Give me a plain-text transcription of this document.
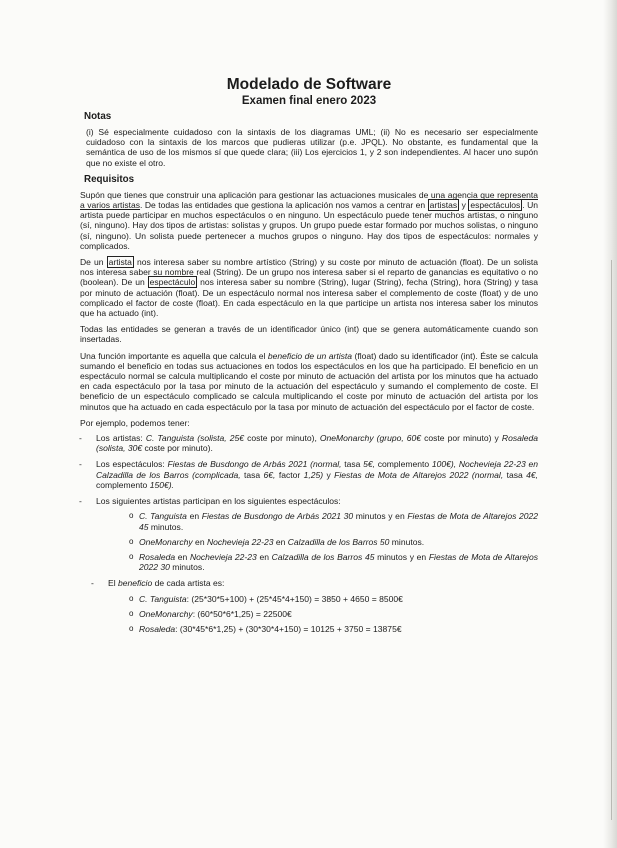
Modelado de Software
Examen final enero 2023
Notas

(i) Sé especialmente cuidadoso con la sintaxis de los diagramas UML; (ii) No es necesario ser especialmente cuidadoso con la sintaxis de los marcos que pudieras utilizar (p.e. JPQL). No obstante, es fundamental que la semántica de uso de los mismos sí que quede clara; (iii) Los ejercicios 1, y 2 son independientes. Al hacer uno supón que no existe el otro.

Requisitos

Supón que tienes que construir una aplicación para gestionar las actuaciones musicales de una agencia que representa a varios artistas. De todas las entidades que gestiona la aplicación nos vamos a centrar en artistas y espectáculos . Un artista puede participar en muchos espectáculos o en ninguno. Un espectáculo puede tener muchos artistas, o ninguno (sí, ninguno). Hay dos tipos de artistas: solistas y grupos. Un grupo puede estar formado por muchos solistas, o ninguno (sí, ninguno). Un solista puede pertenecer a muchos grupos o ninguno. Hay dos tipos de espectáculos: normales y complicados.

De un artista nos interesa saber su nombre artístico (String) y su coste por minuto de actuación (float). De un solista nos interesa saber su nombre real (String). De un grupo nos interesa saber si el reparto de ganancias es equitativo o no (boolean). De un espectáculo nos interesa saber su nombre (String), lugar (String), fecha (String), hora (String) y tasa por minuto de actuación (float). De un espectáculo normal nos interesa saber el complemento de coste (float) y de uno complicado el factor de coste (float). En cada espectáculo en la que participe un artista nos interesa saber los minutos que ha actuado (int).

Todas las entidades se generan a través de un identificador único (int) que se genera automáticamente cuando son insertadas.

Una función importante es aquella que calcula el beneficio de un artista (float) dado su identificador (int). Éste se calcula sumando el beneficio en todas sus actuaciones en todos los espectáculos en los que ha participado. El beneficio en un espectáculo normal se calcula multiplicando el coste por minuto de actuación del artista por los minutos que ha actuado en cada espectáculo por la tasa por minuto de la actuación del espectáculo y sumando el complemento de coste. El beneficio de un espectáculo complicado se calcula multiplicando el coste por minuto de actuación del artista por los minutos que ha actuado en cada espectáculo por la tasa por minuto de actuación del espectáculo por el factor de coste.

Por ejemplo, podemos tener:

- Los artistas: C. Tanguista (solista, 25€ coste por minuto), OneMonarchy (grupo, 60€ coste por minuto) y Rosaleda (solista, 30€ coste por minuto).
- Los espectáculos: Fiestas de Busdongo de Arbás 2021 (normal, tasa 5€, complemento 100€), Nochevieja 22-23 en Calzadilla de los Barros (complicada, tasa 6€, factor 1,25) y Fiestas de Mota de Altarejos 2022 (normal, tasa 4€, complemento 150€).
- Los siguientes artistas participan en los siguientes espectáculos:
o C. Tanguista en Fiestas de Busdongo de Arbás 2021 30 minutos y en Fiestas de Mota de Altarejos 2022 45 minutos.
o OneMonarchy en Nochevieja 22-23 en Calzadilla de los Barros 50 minutos.
o Rosaleda en Nochevieja 22-23 en Calzadilla de los Barros 45 minutos y en Fiestas de Mota de Altarejos 2022 30 minutos.
- El beneficio de cada artista es:
o C. Tanguista: (25*30*5+100) + (25*45*4+150) = 3850 + 4650 = 8500€
o OneMonarchy: (60*50*6*1,25) = 22500€
o Rosaleda: (30*45*6*1,25) + (30*30*4+150) = 10125 + 3750 = 13875€
